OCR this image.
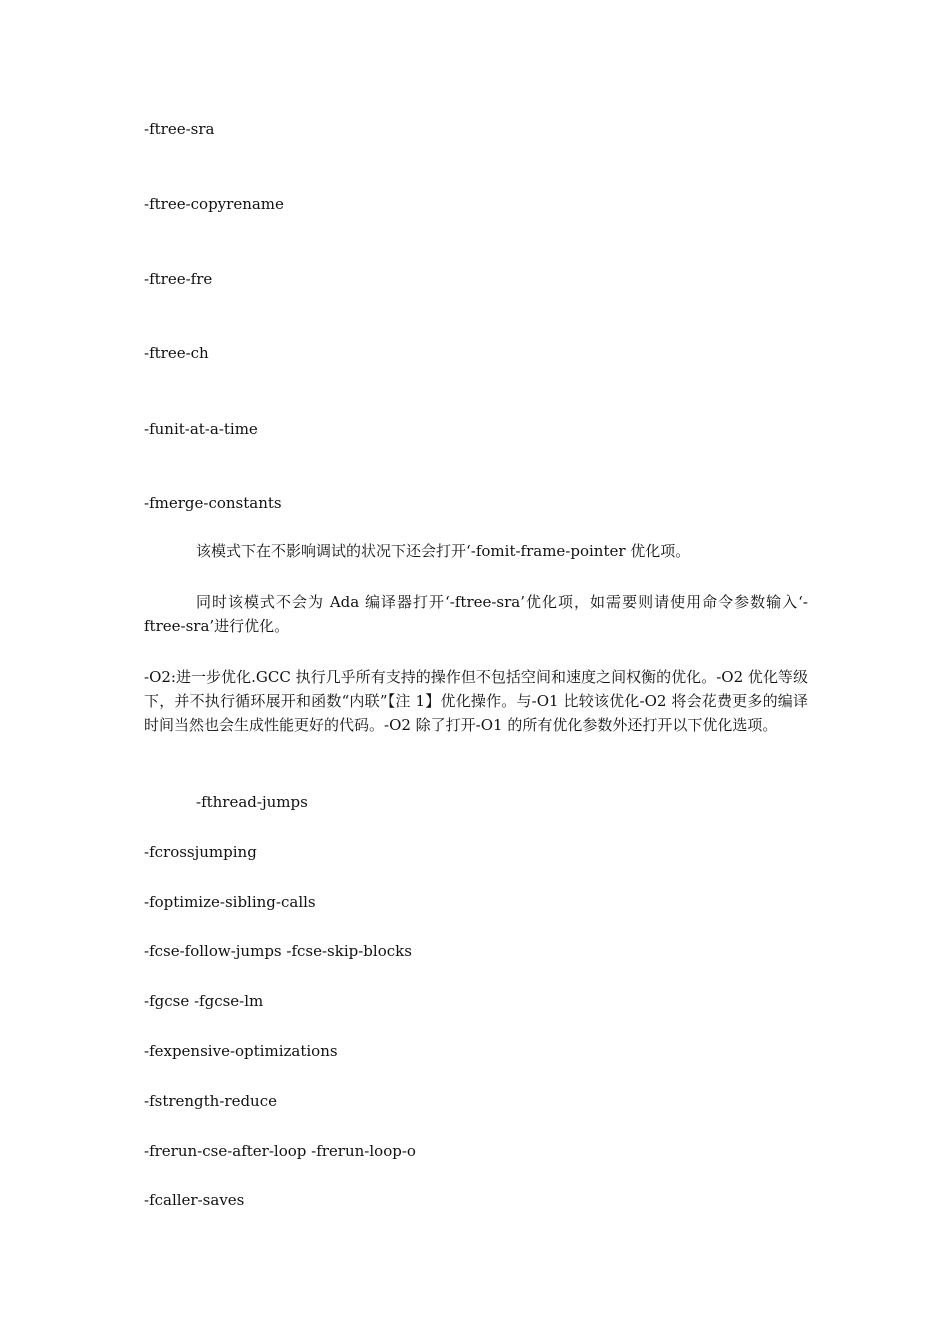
-ftree-sra
-ftree-copyrename
-ftree-fre
-ftree-ch
-funit-at-a-time
-fmerge-constants
该模式下在不影响调试的状况下还会打开‘-fomit-frame-pointer 优化项。
同时该模式不会为 Ada 编译器打开‘-ftree-sra’优化项，如需要则请使用命令参数输入‘-ftree-sra’进行优化。
-O2:进一步优化.GCC 执行几乎所有支持的操作但不包括空间和速度之间权衡的优化。-O2 优化等级下，并不执行循环展开和函数“内联”【注 1】优化操作。与-O1 比较该优化-O2 将会花费更多的编译时间当然也会生成性能更好的代码。-O2 除了打开-O1 的所有优化参数外还打开以下优化选项。
-fthread-jumps
-fcrossjumping
-foptimize-sibling-calls
-fcse-follow-jumps -fcse-skip-blocks
-fgcse -fgcse-lm
-fexpensive-optimizations
-fstrength-reduce
-frerun-cse-after-loop -frerun-loop-o
-fcaller-saves
